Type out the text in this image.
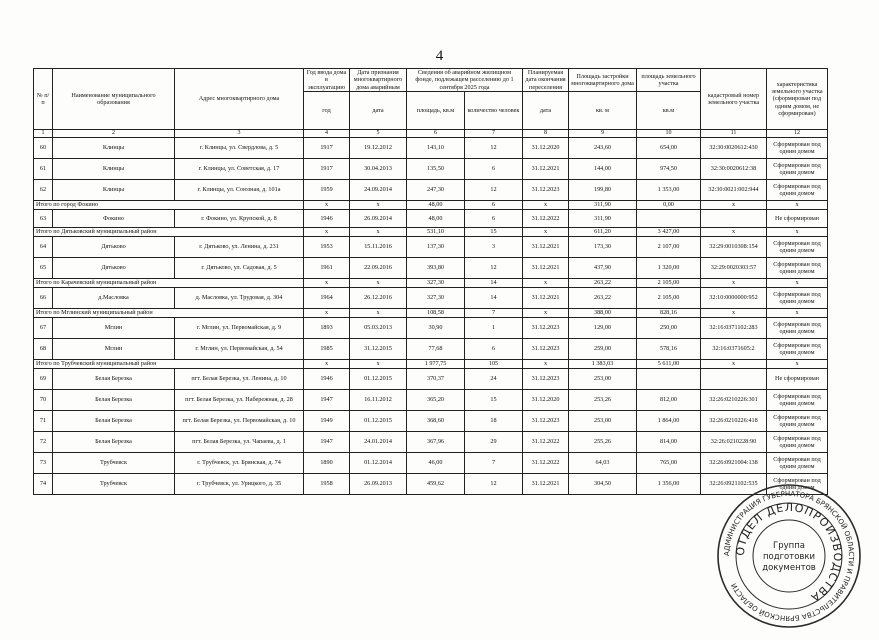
4
№ п/п	Наименование муниципального образования	Адрес многоквартирного дома	Год ввода дома в эксплуатацию	Дата признания многоквартирного дома аварийным	Сведения об аварийном жилищном фонде, подлежащем расселению до 1 сентября 2025 года		Планируемая дата окончания переселения	Площадь застройки многоквартирного дома	площадь земельного участка	кадастровый номер земельного участка	характеристика земельного участка (сформирован под одним домом, не сформирован)
			год	дата	площадь, кв.м	количество человек	дата	кв. м	кв.м		
1	2	3	4	5	6	7	8	9	10	11	12
60	Клинцы	г. Клинцы, ул. Свердлова, д. 5	1917	19.12.2012	143,10	12	31.12.2020	243,60	654,00	32:30:0020612:430	Сформирован под одним домом
61	Клинцы	г. Клинцы, ул. Советская, д. 17	1917	30.04.2013	135,50	6	31.12.2021	144,00	974,50	32:30:0020612:38	Сформирован под одним домом
62	Клинцы	г. Клинцы, ул. Союзная, д. 101а	1959	24.09.2014	247,30	12	31.12.2023	199,80	1 353,00	32:30:0021:002:944	Сформирован под одним домом
Итого по город Фокино			х	х	48,00	6	х	311,90	0,00	х	х
63	Фокино	г. Фокино, ул. Крупской, д. 8	1946	26.09.2014	48,00	6	31.12.2022	311,90			Не сформирован
Итого по Дятьковский муниципальный район			х	х	531,10	15	х	611,20	3 427,00	х	х
64	Дятьково	г. Дятьково, ул. Ленина, д. 231	1953	15.11.2016	137,30	3	31.12.2021	173,30	2 107,00	32:29:0010308:154	Сформирован под одним домом
65	Дятьково	г. Дятьково, ул. Садовая, д. 5	1961	22.09.2016	393,80	12	31.12.2021	437,90	1 320,00	32:29:0020303:57	Сформирован под одним домом
Итого по Карачевский муниципальный район			х	х	327,30	14	х	263,22	2 105,00	х	х
66	д.Масловка	д. Масловка, ул. Трудовая, д. 304	1964	26.12.2016	327,30	14	31.12.2021	263,22	2 105,00	32:10:0000000:952	Сформирован под одним домом
Итого по Мглинский муниципальный район			х	х	108,58	7	х	388,00	828,16	х	х
67	Мглин	г. Мглин, ул. Первомайская, д. 9	1893	05.03.2013	30,90	1	31.12.2023	129,00	250,00	32:16:0371102:283	Сформирован под одним домом
68	Мглин	г. Мглин, ул. Первомайская, д. 54	1985	31.12.2015	77,68	6	31.12.2023	259,00	578,16	32:16:0371605:2	Сформирован под одним домом
Итого по Трубчевский муниципальный район			х	х	1 977,75	105	х	1 383,03	5 611,00	х	х
69	Белая Березка	пгт. Белая Березка, ул. Ленина, д. 10	1946	01.12.2015	370,37	24	31.12.2023	253,00			Не сформирован
70	Белая Березка	пгт. Белая Березка, ул. Набережная, д. 28	1947	16.11.2012	365,20	15	31.12.2020	253,26	812,00	32:26:0210226:301	Сформирован под одним домом
71	Белая Березка	пгт. Белая Березка, ул. Первомайская, д. 10	1949	01.12.2015	368,60	18	31.12.2023	253,00	1 864,00	32:26:0210226:418	Сформирован под одним домом
72	Белая Березка	пгт. Белая Березка, ул. Чапаева, д. 1	1947	24.01.2014	367,96	29	31.12.2022	255,26	814,00	32:26:0210228:90	Сформирован под одним домом
73	Трубчевск	г. Трубчевск, ул. Брянская, д. 74	1890	01.12.2014	46,00	7	31.12.2022	64,03	765,00	32:26:0921004:138	Сформирован под одним домом
74	Трубчевск	г. Трубчевск, ул. Урицкого, д. 35	1958	26.09.2013	459,62	12	31.12.2021	304,50	1 356,00	32:26:0921102:535	Сформирован под одним домом
АДМИНИСТРАЦИЯ ГУБЕРНАТОРА БРЯНСКОЙ ОБЛАСТИ И ПРАВИТЕЛЬСТВА БРЯНСКОЙ ОБЛАСТИ
ОТДЕЛ ДЕЛОПРОИЗВОДСТВА
Группа
подготовки
документов
